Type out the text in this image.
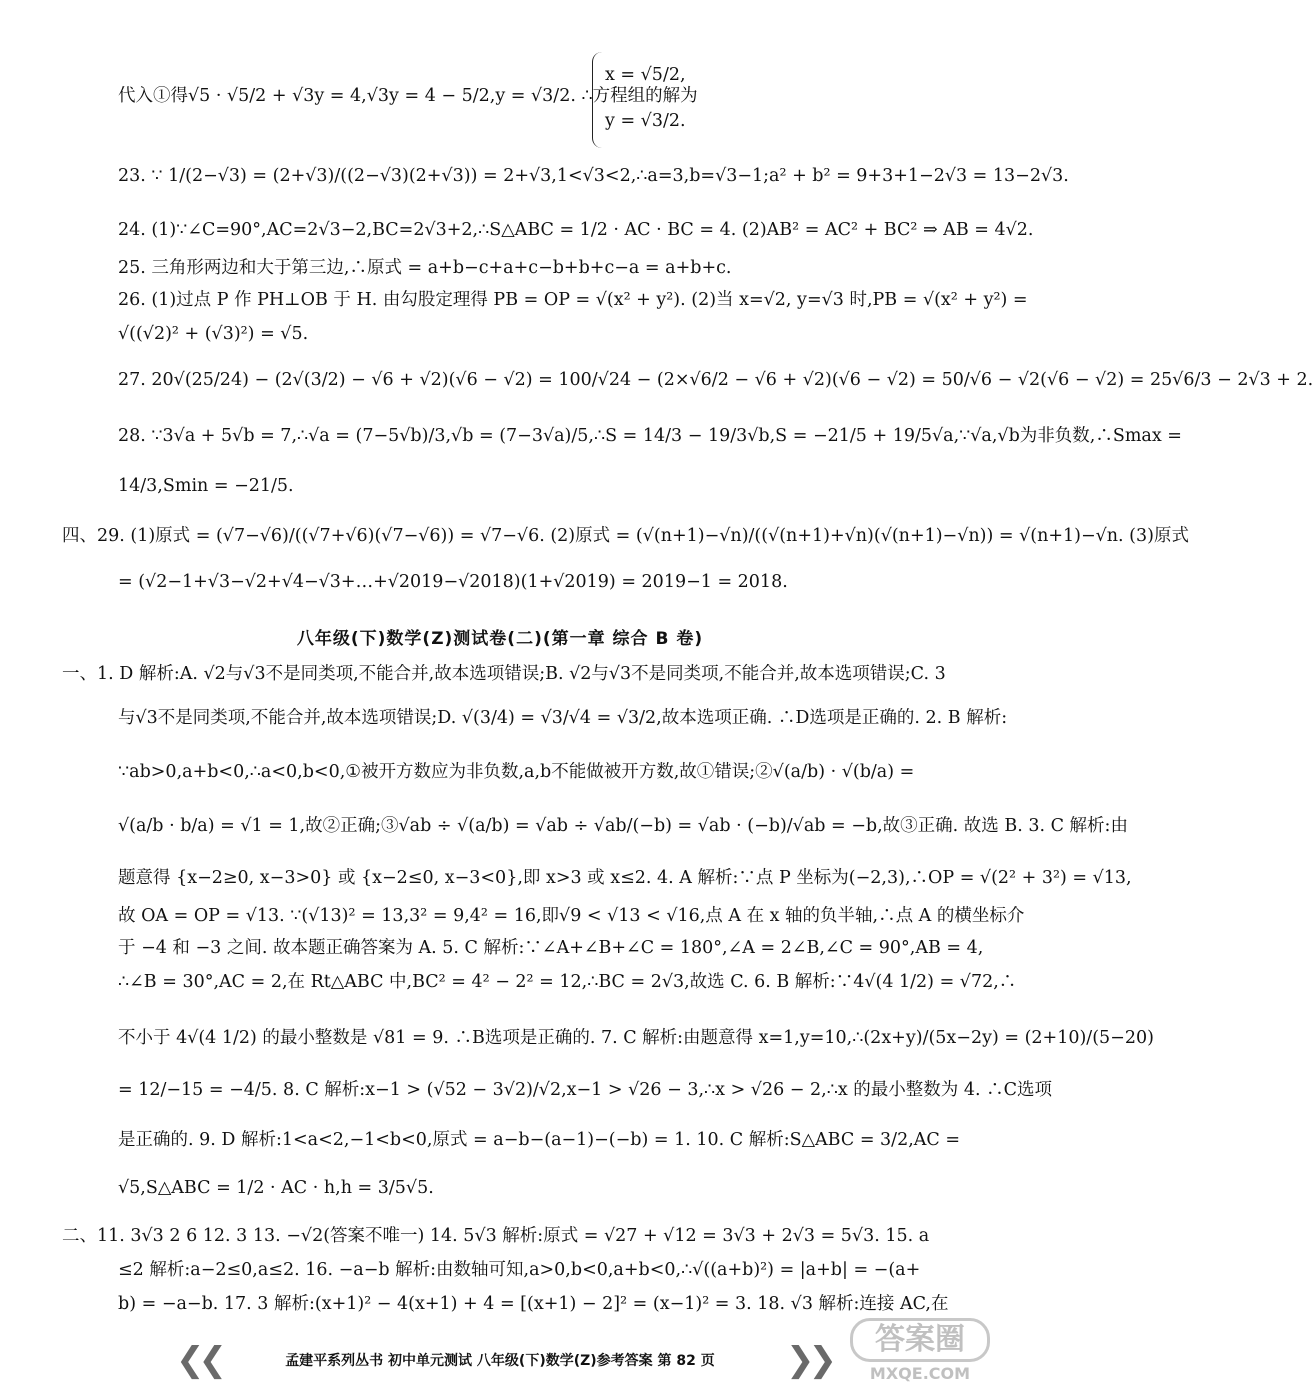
代入①得√5 · √5/2 + √3y = 4,√3y = 4 − 5/2,y = √3/2. ∴方程组的解为
x = √5/2,
y = √3/2.
23. ∵ 1/(2−√3) = (2+√3)/((2−√3)(2+√3)) = 2+√3,1<√3<2,∴a=3,b=√3−1;a² + b² = 9+3+1−2√3 = 13−2√3.
24. (1)∵∠C=90°,AC=2√3−2,BC=2√3+2,∴S△ABC = 1/2 · AC · BC = 4. (2)AB² = AC² + BC² ⇒ AB = 4√2.
25. 三角形两边和大于第三边,∴原式 = a+b−c+a+c−b+b+c−a = a+b+c.
26. (1)过点 P 作 PH⊥OB 于 H. 由勾股定理得 PB = OP = √(x² + y²). (2)当 x=√2, y=√3 时,PB = √(x² + y²) =
√((√2)² + (√3)²) = √5.
27. 20√(25/24) − (2√(3/2) − √6 + √2)(√6 − √2) = 100/√24 − (2×√6/2 − √6 + √2)(√6 − √2) = 50/√6 − √2(√6 − √2) = 25√6/3 − 2√3 + 2.
28. ∵3√a + 5√b = 7,∴√a = (7−5√b)/3,√b = (7−3√a)/5,∴S = 14/3 − 19/3√b,S = −21/5 + 19/5√a,∵√a,√b为非负数,∴Smax =
14/3,Smin = −21/5.
四、29. (1)原式 = (√7−√6)/((√7+√6)(√7−√6)) = √7−√6. (2)原式 = (√(n+1)−√n)/((√(n+1)+√n)(√(n+1)−√n)) = √(n+1)−√n. (3)原式
= (√2−1+√3−√2+√4−√3+…+√2019−√2018)(1+√2019) = 2019−1 = 2018.
八年级(下)数学(Z)测试卷(二)(第一章 综合 B 卷)
一、1. D 解析:A. √2与√3不是同类项,不能合并,故本选项错误;B. √2与√3不是同类项,不能合并,故本选项错误;C. 3
与√3不是同类项,不能合并,故本选项错误;D. √(3/4) = √3/√4 = √3/2,故本选项正确. ∴D选项是正确的. 2. B 解析:
∵ab>0,a+b<0,∴a<0,b<0,①被开方数应为非负数,a,b不能做被开方数,故①错误;②√(a/b) · √(b/a) =
√(a/b · b/a) = √1 = 1,故②正确;③√ab ÷ √(a/b) = √ab ÷ √ab/(−b) = √ab · (−b)/√ab = −b,故③正确. 故选 B. 3. C 解析:由
题意得 {x−2≥0, x−3>0} 或 {x−2≤0, x−3<0},即 x>3 或 x≤2. 4. A 解析:∵点 P 坐标为(−2,3),∴OP = √(2² + 3²) = √13,
故 OA = OP = √13. ∵(√13)² = 13,3² = 9,4² = 16,即√9 < √13 < √16,点 A 在 x 轴的负半轴,∴点 A 的横坐标介
于 −4 和 −3 之间. 故本题正确答案为 A. 5. C 解析:∵∠A+∠B+∠C = 180°,∠A = 2∠B,∠C = 90°,AB = 4,
∴∠B = 30°,AC = 2,在 Rt△ABC 中,BC² = 4² − 2² = 12,∴BC = 2√3,故选 C. 6. B 解析:∵4√(4 1/2) = √72,∴
不小于 4√(4 1/2) 的最小整数是 √81 = 9. ∴B选项是正确的. 7. C 解析:由题意得 x=1,y=10,∴(2x+y)/(5x−2y) = (2+10)/(5−20)
= 12/−15 = −4/5. 8. C 解析:x−1 > (√52 − 3√2)/√2,x−1 > √26 − 3,∴x > √26 − 2,∴x 的最小整数为 4. ∴C选项
是正确的. 9. D 解析:1<a<2,−1<b<0,原式 = a−b−(a−1)−(−b) = 1. 10. C 解析:S△ABC = 3/2,AC =
√5,S△ABC = 1/2 · AC · h,h = 3/5√5.
二、11. 3√3 2 6 12. 3 13. −√2(答案不唯一) 14. 5√3 解析:原式 = √27 + √12 = 3√3 + 2√3 = 5√3. 15. a
≤2 解析:a−2≤0,a≤2. 16. −a−b 解析:由数轴可知,a>0,b<0,a+b<0,∴√((a+b)²) = |a+b| = −(a+
b) = −a−b. 17. 3 解析:(x+1)² − 4(x+1) + 4 = [(x+1) − 2]² = (x−1)² = 3. 18. √3 解析:连接 AC,在
❮❮	孟建平系列丛书 初中单元测试 八年级(下)数学(Z)参考答案 第 82 页	❯❯
答案圈
MXQE.COM
